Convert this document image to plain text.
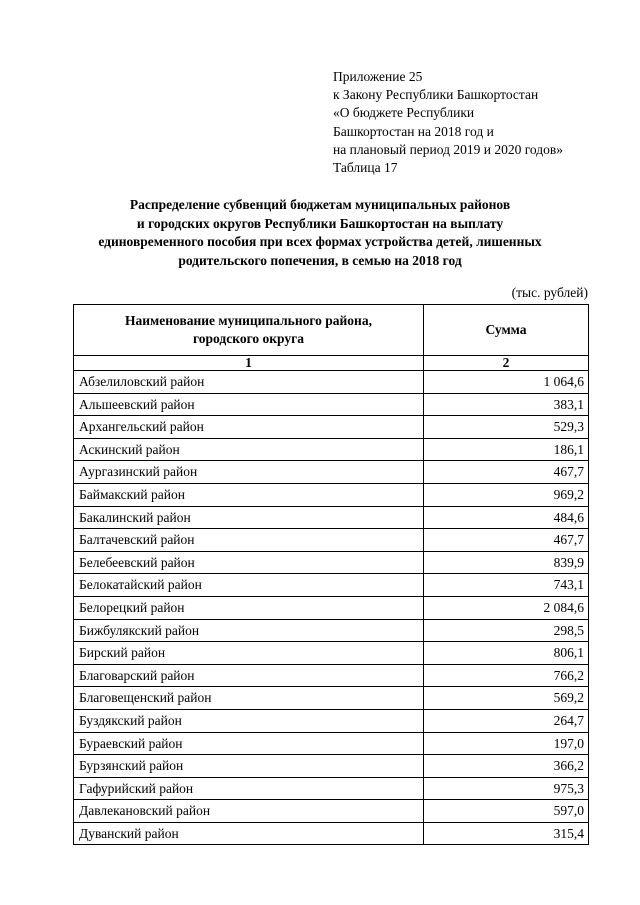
Приложение 25
к Закону Республики Башкортостан
«О бюджете Республики
Башкортостан на 2018 год и
на плановый период 2019 и 2020 годов»
Таблица 17
Распределение субвенций бюджетам муниципальных районов
и городских округов Республики Башкортостан на выплату
единовременного пособия при всех формах устройства детей, лишенных
родительского попечения, в семью на 2018 год
(тыс. рублей)
Наименование муниципального района,
городского округа	Сумма
1	2
Абзелиловский район	1 064,6
Альшеевский район	383,1
Архангельский район	529,3
Аскинский район	186,1
Аургазинский район	467,7
Баймакский район	969,2
Бакалинский район	484,6
Балтачевский район	467,7
Белебеевский район	839,9
Белокатайский район	743,1
Белорецкий район	2 084,6
Бижбулякский район	298,5
Бирский район	806,1
Благоварский район	766,2
Благовещенский район	569,2
Буздякский район	264,7
Бураевский район	197,0
Бурзянский район	366,2
Гафурийский район	975,3
Давлекановский район	597,0
Дуванский район	315,4
